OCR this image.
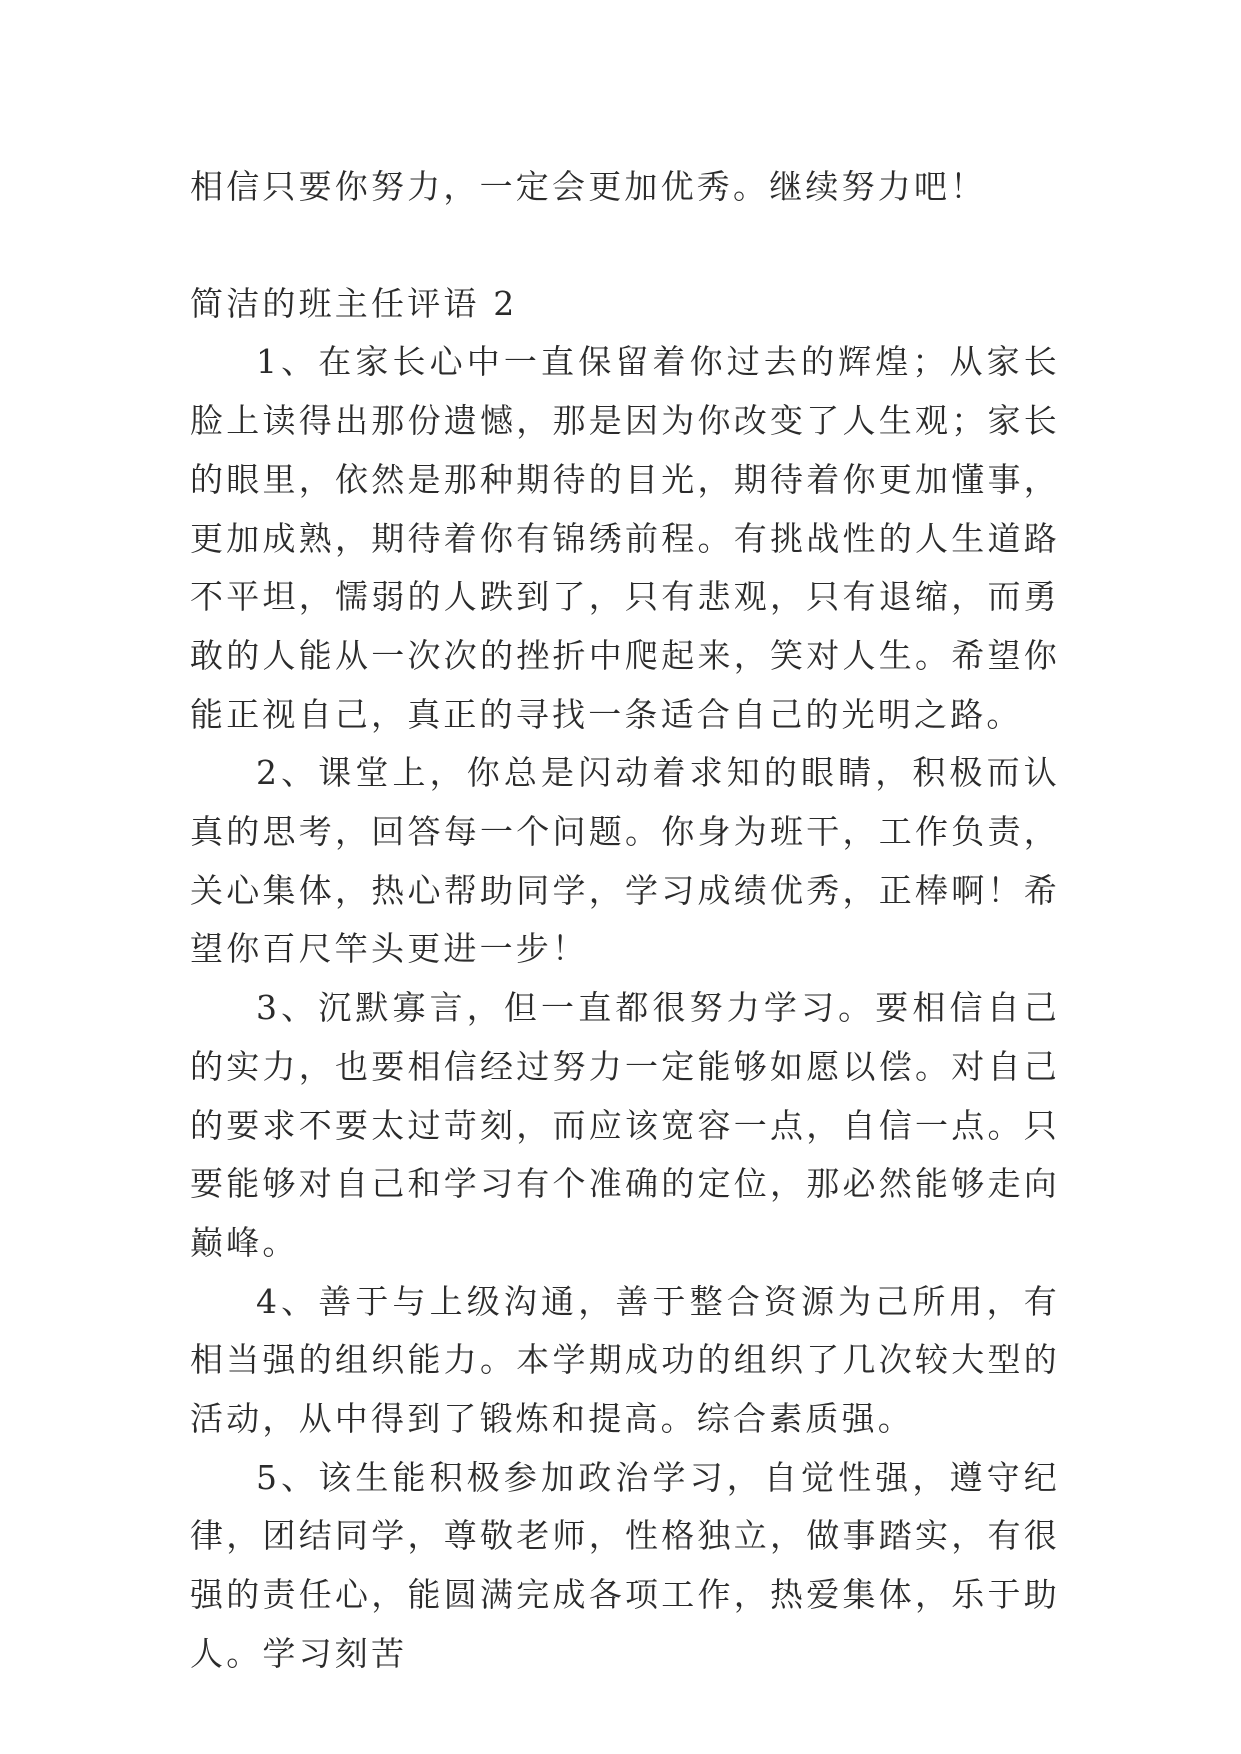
相信只要你努力，一定会更加优秀。继续努力吧！

简洁的班主任评语 2

1、在家长心中一直保留着你过去的辉煌；从家长脸上读得出那份遗憾，那是因为你改变了人生观；家长的眼里，依然是那种期待的目光，期待着你更加懂事，更加成熟，期待着你有锦绣前程。有挑战性的人生道路不平坦，懦弱的人跌到了，只有悲观，只有退缩，而勇敢的人能从一次次的挫折中爬起来，笑对人生。希望你能正视自己，真正的寻找一条适合自己的光明之路。

2、课堂上，你总是闪动着求知的眼睛，积极而认真的思考，回答每一个问题。你身为班干，工作负责，关心集体，热心帮助同学，学习成绩优秀，正棒啊！希望你百尺竿头更进一步！

3、沉默寡言，但一直都很努力学习。要相信自己的实力，也要相信经过努力一定能够如愿以偿。对自己的要求不要太过苛刻，而应该宽容一点，自信一点。只要能够对自己和学习有个准确的定位，那必然能够走向巅峰。

4、善于与上级沟通，善于整合资源为己所用，有相当强的组织能力。本学期成功的组织了几次较大型的活动，从中得到了锻炼和提高。综合素质强。

5、该生能积极参加政治学习，自觉性强，遵守纪律，团结同学，尊敬老师，性格独立，做事踏实，有很强的责任心，能圆满完成各项工作，热爱集体，乐于助人。学习刻苦
